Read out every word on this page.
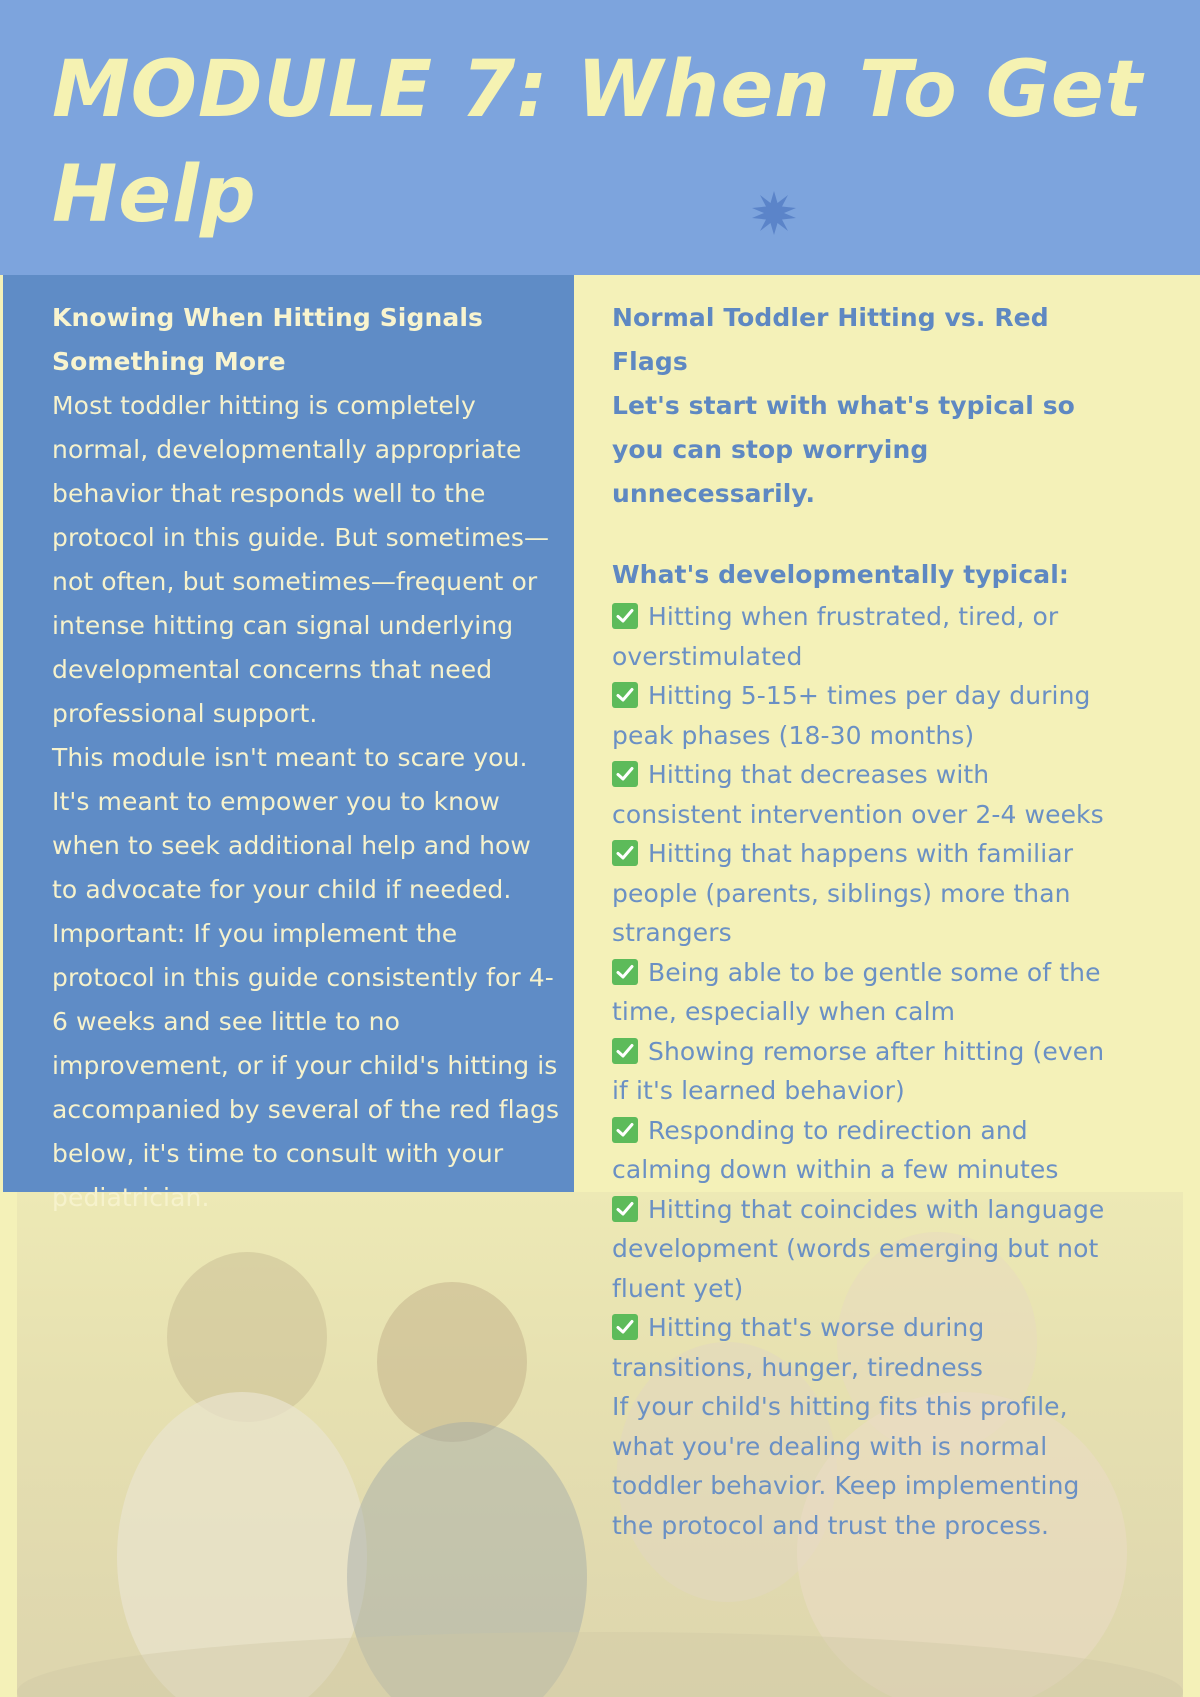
MODULE 7: When To Get Help

Knowing When Hitting Signals Something More

Most toddler hitting is completely normal, developmentally appropriate behavior that responds well to the protocol in this guide. But sometimes—not often, but sometimes—frequent or intense hitting can signal underlying developmental concerns that need professional support.

This module isn't meant to scare you. It's meant to empower you to know when to seek additional help and how to advocate for your child if needed.

Important: If you implement the protocol in this guide consistently for 4-6 weeks and see little to no improvement, or if your child's hitting is accompanied by several of the red flags below, it's time to consult with your pediatrician.

Normal Toddler Hitting vs. Red Flags

Let's start with what's typical so you can stop worrying unnecessarily.

What's developmentally typical:

Hitting when frustrated, tired, or overstimulated

Hitting 5-15+ times per day during peak phases (18-30 months)

Hitting that decreases with consistent intervention over 2-4 weeks

Hitting that happens with familiar people (parents, siblings) more than strangers

Being able to be gentle some of the time, especially when calm

Showing remorse after hitting (even if it's learned behavior)

Responding to redirection and calming down within a few minutes

Hitting that coincides with language development (words emerging but not fluent yet)

Hitting that's worse during transitions, hunger, tiredness

If your child's hitting fits this profile, what you're dealing with is normal toddler behavior. Keep implementing the protocol and trust the process.
